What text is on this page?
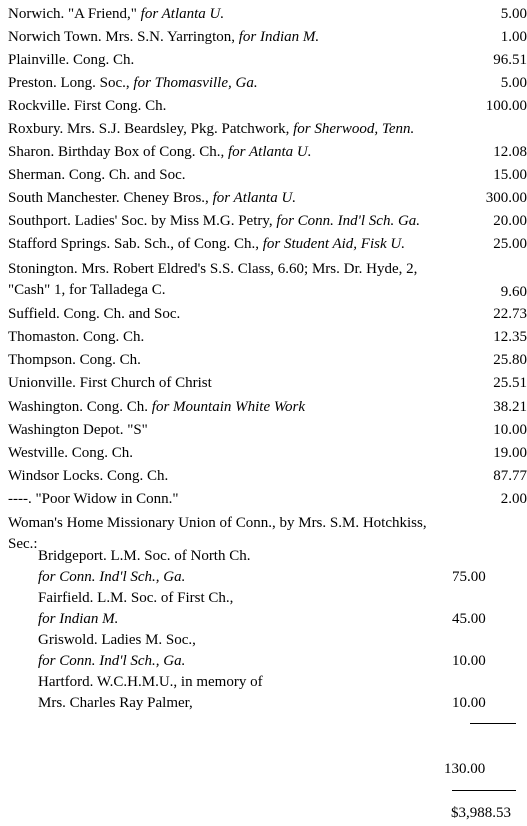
Norwich. "A Friend," for Atlanta U.	5.00
Norwich Town. Mrs. S.N. Yarrington, for Indian M.	1.00
Plainville. Cong. Ch.	96.51
Preston. Long. Soc., for Thomasville, Ga.	5.00
Rockville. First Cong. Ch.	100.00
Roxbury. Mrs. S.J. Beardsley, Pkg. Patchwork, for Sherwood, Tenn.
Sharon. Birthday Box of Cong. Ch., for Atlanta U.	12.08
Sherman. Cong. Ch. and Soc.	15.00
South Manchester. Cheney Bros., for Atlanta U.	300.00
Southport. Ladies' Soc. by Miss M.G. Petry, for Conn. Ind'l Sch. Ga.	20.00
Stafford Springs. Sab. Sch., of Cong. Ch., for Student Aid, Fisk U.	25.00
Stonington. Mrs. Robert Eldred's S.S. Class, 6.60; Mrs. Dr. Hyde, 2,
"Cash" 1, for Talladega C.	9.60
Suffield. Cong. Ch. and Soc.	22.73
Thomaston. Cong. Ch.	12.35
Thompson. Cong. Ch.	25.80
Unionville. First Church of Christ	25.51
Washington. Cong. Ch. for Mountain White Work	38.21
Washington Depot. "S"	10.00
Westville. Cong. Ch.	19.00
Windsor Locks. Cong. Ch.	87.77
----. "Poor Widow in Conn."	2.00
Woman's Home Missionary Union of Conn., by Mrs. S.M. Hotchkiss,
Sec.:
Bridgeport. L.M. Soc. of North Ch.
for Conn. Ind'l Sch., Ga.	75.00
Fairfield. L.M. Soc. of First Ch.,
for Indian M.	45.00
Griswold. Ladies M. Soc.,
for Conn. Ind'l Sch., Ga.	10.00
Hartford. W.C.H.M.U., in memory of
Mrs. Charles Ray Palmer,	10.00
130.00
$3,988.53
